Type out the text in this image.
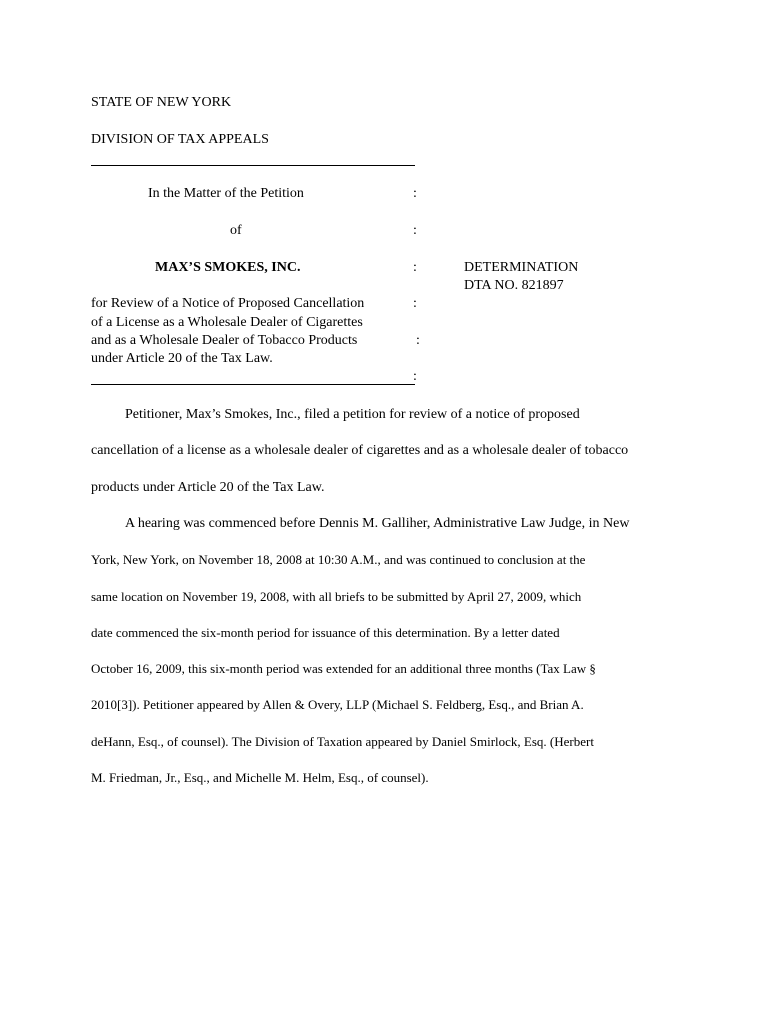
STATE OF NEW YORK
DIVISION OF TAX APPEALS
In the Matter of the Petition
of
MAX’S SMOKES, INC.
for Review of a Notice of Proposed Cancellation
of a License as a Wholesale Dealer of Cigarettes
and as a Wholesale Dealer of Tobacco Products
under Article 20 of the Tax Law.
:
:
:
:
:
:
DETERMINATION
DTA NO. 821897
Petitioner, Max’s Smokes, Inc., filed a petition for review of a notice of proposed
cancellation of a license as a wholesale dealer of cigarettes and as a wholesale dealer of tobacco
products under Article 20 of the Tax Law.
A hearing was commenced before Dennis M. Galliher, Administrative Law Judge, in New
York, New York, on November 18, 2008 at 10:30 A.M., and was continued to conclusion at the
same location on November 19, 2008, with all briefs to be submitted by April 27, 2009, which
date commenced the six-month period for issuance of this determination. By a letter dated
October 16, 2009, this six-month period was extended for an additional three months (Tax Law §
2010[3]). Petitioner appeared by Allen & Overy, LLP (Michael S. Feldberg, Esq., and Brian A.
deHann, Esq., of counsel). The Division of Taxation appeared by Daniel Smirlock, Esq. (Herbert
M. Friedman, Jr., Esq., and Michelle M. Helm, Esq., of counsel).
